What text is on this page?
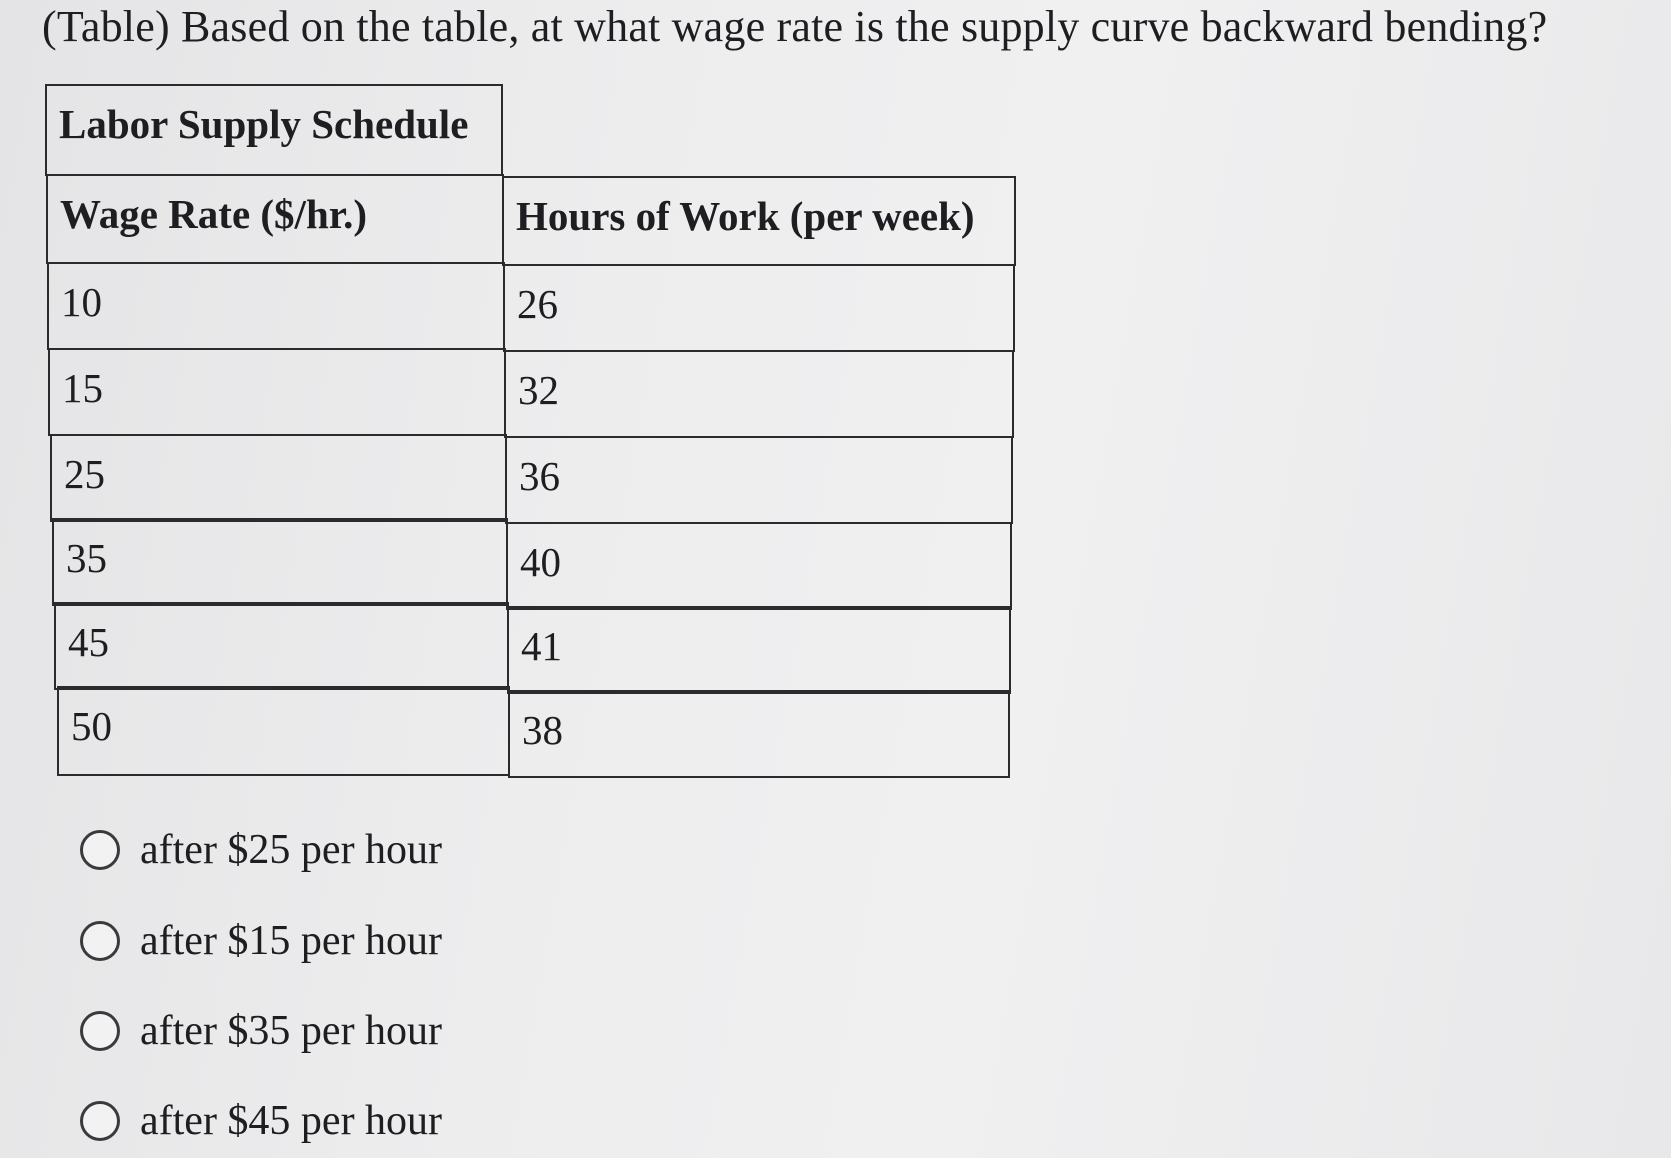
(Table) Based on the table, at what wage rate is the supply curve backward bending?
Labor Supply Schedule
Wage Rate ($/hr.)	Hours of Work (per week)
10	26
15	32
25	36
35	40
45	41
50	38
after $25 per hour
after $15 per hour
after $35 per hour
after $45 per hour
